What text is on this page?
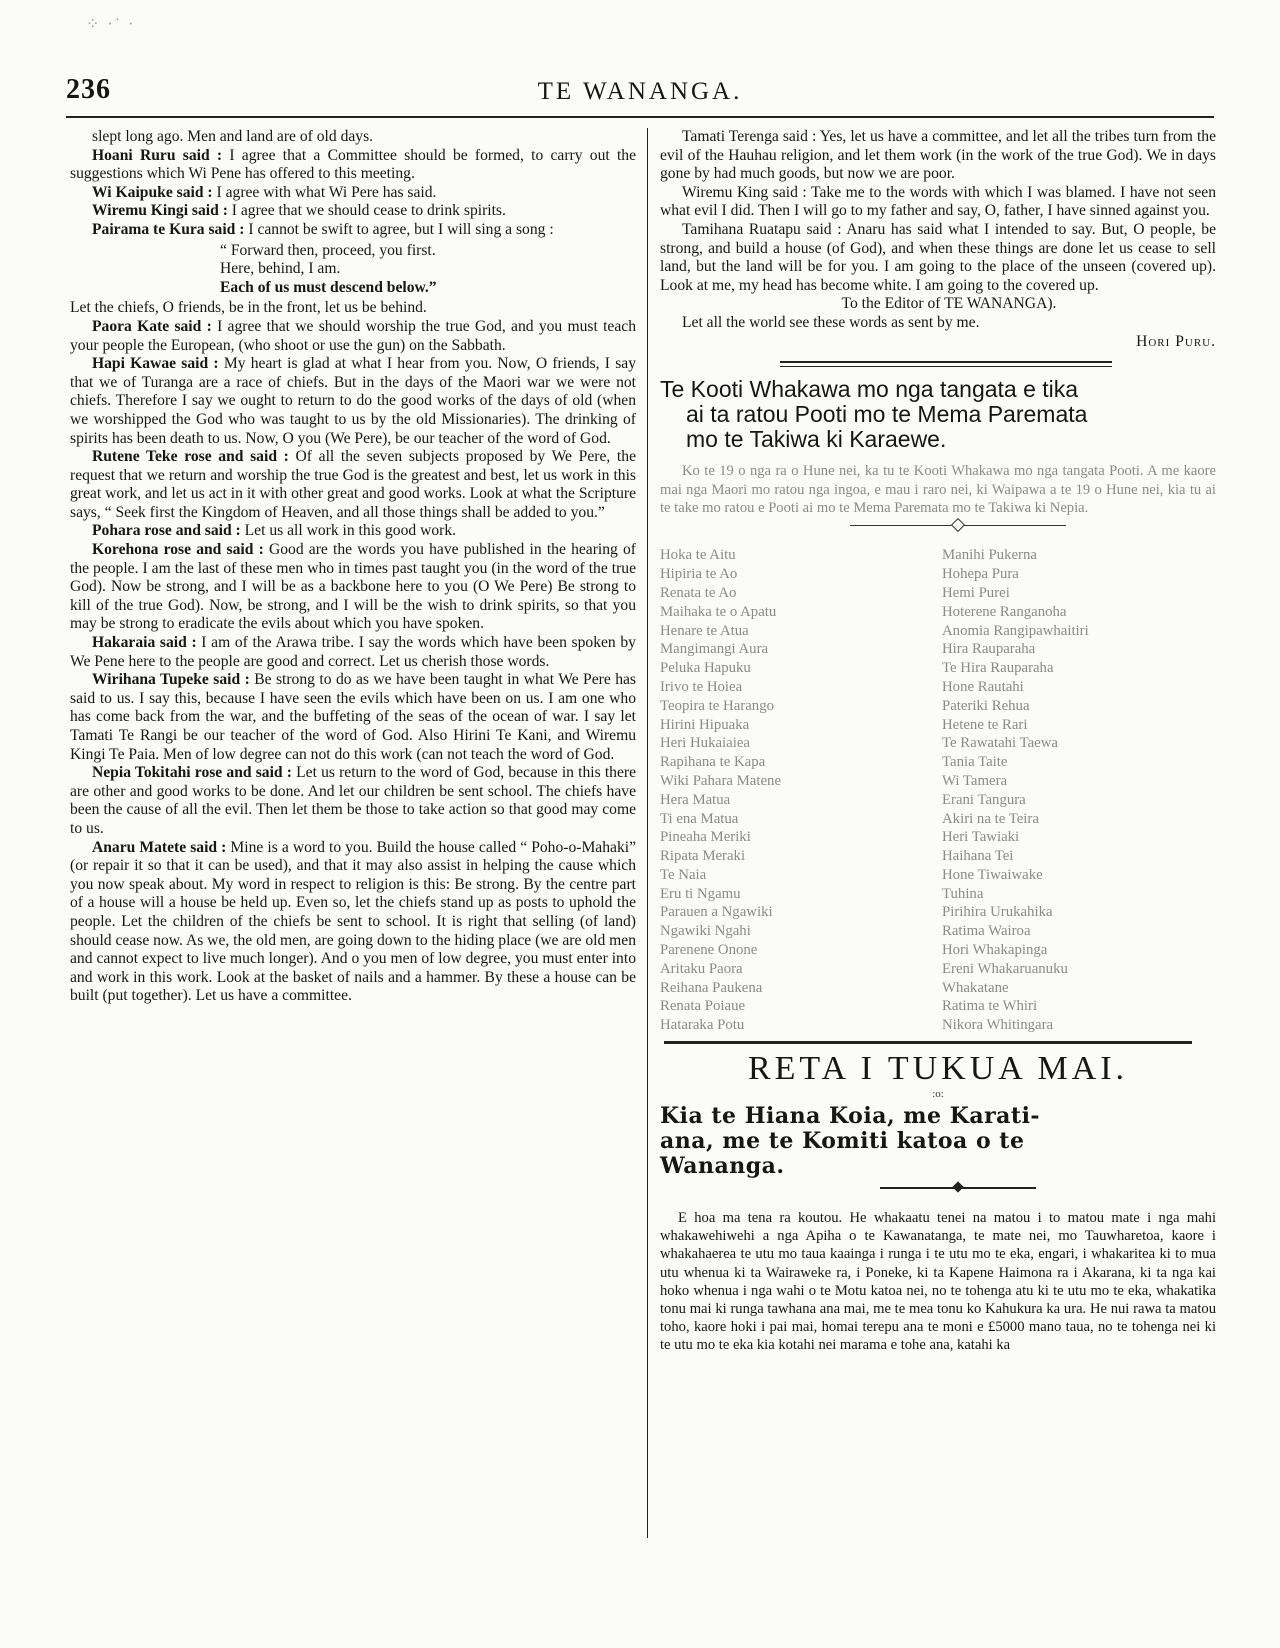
⁘ ·˙ ·
236	TE WANANGA.

slept long ago. Men and land are of old days.

Hoani Ruru said : I agree that a Committee should be formed, to carry out the suggestions which Wi Pene has offered to this meeting.

Wi Kaipuke said : I agree with what Wi Pere has said.

Wiremu Kingi said : I agree that we should cease to drink spirits.

Pairama te Kura said : I cannot be swift to agree, but I will sing a song :

“ Forward then, proceed, you first.
Here, behind, I am.
Each of us must descend below.”

Let the chiefs, O friends, be in the front, let us be behind.

Paora Kate said : I agree that we should worship the true God, and you must teach your people the European, (who shoot or use the gun) on the Sabbath.

Hapi Kawae said : My heart is glad at what I hear from you. Now, O friends, I say that we of Turanga are a race of chiefs. But in the days of the Maori war we were not chiefs. Therefore I say we ought to return to do the good works of the days of old (when we worshipped the God who was taught to us by the old Missionaries). The drinking of spirits has been death to us. Now, O you (We Pere), be our teacher of the word of God.

Rutene Teke rose and said : Of all the seven subjects proposed by We Pere, the request that we return and worship the true God is the greatest and best, let us work in this great work, and let us act in it with other great and good works. Look at what the Scripture says, “ Seek first the Kingdom of Heaven, and all those things shall be added to you.”

Pohara rose and said : Let us all work in this good work.

Korehona rose and said : Good are the words you have published in the hearing of the people. I am the last of these men who in times past taught you (in the word of the true God). Now be strong, and I will be as a backbone here to you (O We Pere) Be strong to kill of the true God). Now, be strong, and I will be the wish to drink spirits, so that you may be strong to eradicate the evils about which you have spoken.

Hakaraia said : I am of the Arawa tribe. I say the words which have been spoken by We Pene here to the people are good and correct. Let us cherish those words.

Wirihana Tupeke said : Be strong to do as we have been taught in what We Pere has said to us. I say this, because I have seen the evils which have been on us. I am one who has come back from the war, and the buffeting of the seas of the ocean of war. I say let Tamati Te Rangi be our teacher of the word of God. Also Hirini Te Kani, and Wiremu Kingi Te Paia. Men of low degree can not do this work (can not teach the word of God.

Nepia Tokitahi rose and said : Let us return to the word of God, because in this there are other and good works to be done. And let our children be sent school. The chiefs have been the cause of all the evil. Then let them be those to take action so that good may come to us.

Anaru Matete said : Mine is a word to you. Build the house called “ Poho-o-Mahaki” (or repair it so that it can be used), and that it may also assist in helping the cause which you now speak about. My word in respect to religion is this: Be strong. By the centre part of a house will a house be held up. Even so, let the chiefs stand up as posts to uphold the people. Let the children of the chiefs be sent to school. It is right that selling (of land) should cease now. As we, the old men, are going down to the hiding place (we are old men and cannot expect to live much longer). And o you men of low degree, you must enter into and work in this work. Look at the basket of nails and a hammer. By these a house can be built (put together). Let us have a committee.

Tamati Terenga said : Yes, let us have a committee, and let all the tribes turn from the evil of the Hauhau religion, and let them work (in the work of the true God). We in days gone by had much goods, but now we are poor.

Wiremu King said : Take me to the words with which I was blamed. I have not seen what evil I did. Then I will go to my father and say, O, father, I have sinned against you.

Tamihana Ruatapu said : Anaru has said what I intended to say. But, O people, be strong, and build a house (of God), and when these things are done let us cease to sell land, but the land will be for you. I am going to the place of the unseen (covered up). Look at me, my head has become white. I am going to the covered up.

To the Editor of TE WANANGA).

Let all the world see these words as sent by me.

Hori Puru.

Te Kooti Whakawa mo nga tangata e tika
ai ta ratou Pooti mo te Mema Paremata
mo te Takiwa ki Karaewe.

Ko te 19 o nga ra o Hune nei, ka tu te Kooti Whakawa mo nga tangata Pooti. A me kaore mai nga Maori mo ratou nga ingoa, e mau i raro nei, ki Waipawa a te 19 o Hune nei, kia tu ai te take mo ratou e Pooti ai mo te Mema Paremata mo te Takiwa ki Nepia.

Hoka te Aitu
Hipiria te Ao
Renata te Ao
Maihaka te o Apatu
Henare te Atua
Mangimangi Aura
Peluka Hapuku
Irivo te Hoiea
Teopira te Harango
Hirini Hipuaka
Heri Hukaiaiea
Rapihana te Kapa
Wiki Pahara Matene
Hera Matua
Ti ena Matua
Pineaha Meriki
Ripata Meraki
Te Naia
Eru ti Ngamu
Parauen a Ngawiki
Ngawiki Ngahi
Parenene Onone
Aritaku Paora
Reihana Paukena
Renata Poiaue
Hataraka Potu
Manihi Pukerna
Hohepa Pura
Hemi Purei
Hoterene Ranganoha
Anomia Rangipawhaitiri
Hira Rauparaha
Te Hira Rauparaha
Hone Rautahi
Pateriki Rehua
Hetene te Rari
Te Rawatahi Taewa
Tania Taite
Wi Tamera
Erani Tangura
Akiri na te Teira
Heri Tawiaki
Haihana Tei
Hone Tiwaiwake
Tuhina
Pirihira Urukahika
Ratima Wairoa
Hori Whakapinga
Ereni Whakaruanuku
Whakatane
Ratima te Whiri
Nikora Whitingara
RETA I TUKUA MAI.
:o:
Kia te Hiana Koia, me Karati-
ana, me te Komiti katoa o te
Wananga.

E hoa ma tena ra koutou. He whakaatu tenei na matou i to matou mate i nga mahi whakawehiwehi a nga Apiha o te Kawanatanga, te mate nei, mo Tauwharetoa, kaore i whakahaerea te utu mo taua kaainga i runga i te utu mo te eka, engari, i whakaritea ki to mua utu whenua ki ta Wairaweke ra, i Poneke, ki ta Kapene Haimona ra i Akarana, ki ta nga kai hoko whenua i nga wahi o te Motu katoa nei, no te tohenga atu ki te utu mo te eka, whakatika tonu mai ki runga tawhana ana mai, me te mea tonu ko Kahukura ka ura. He nui rawa ta matou toho, kaore hoki i pai mai, homai terepu ana te moni e £5000 mano taua, no te tohenga nei ki te utu mo te eka kia kotahi nei marama e tohe ana, katahi ka
